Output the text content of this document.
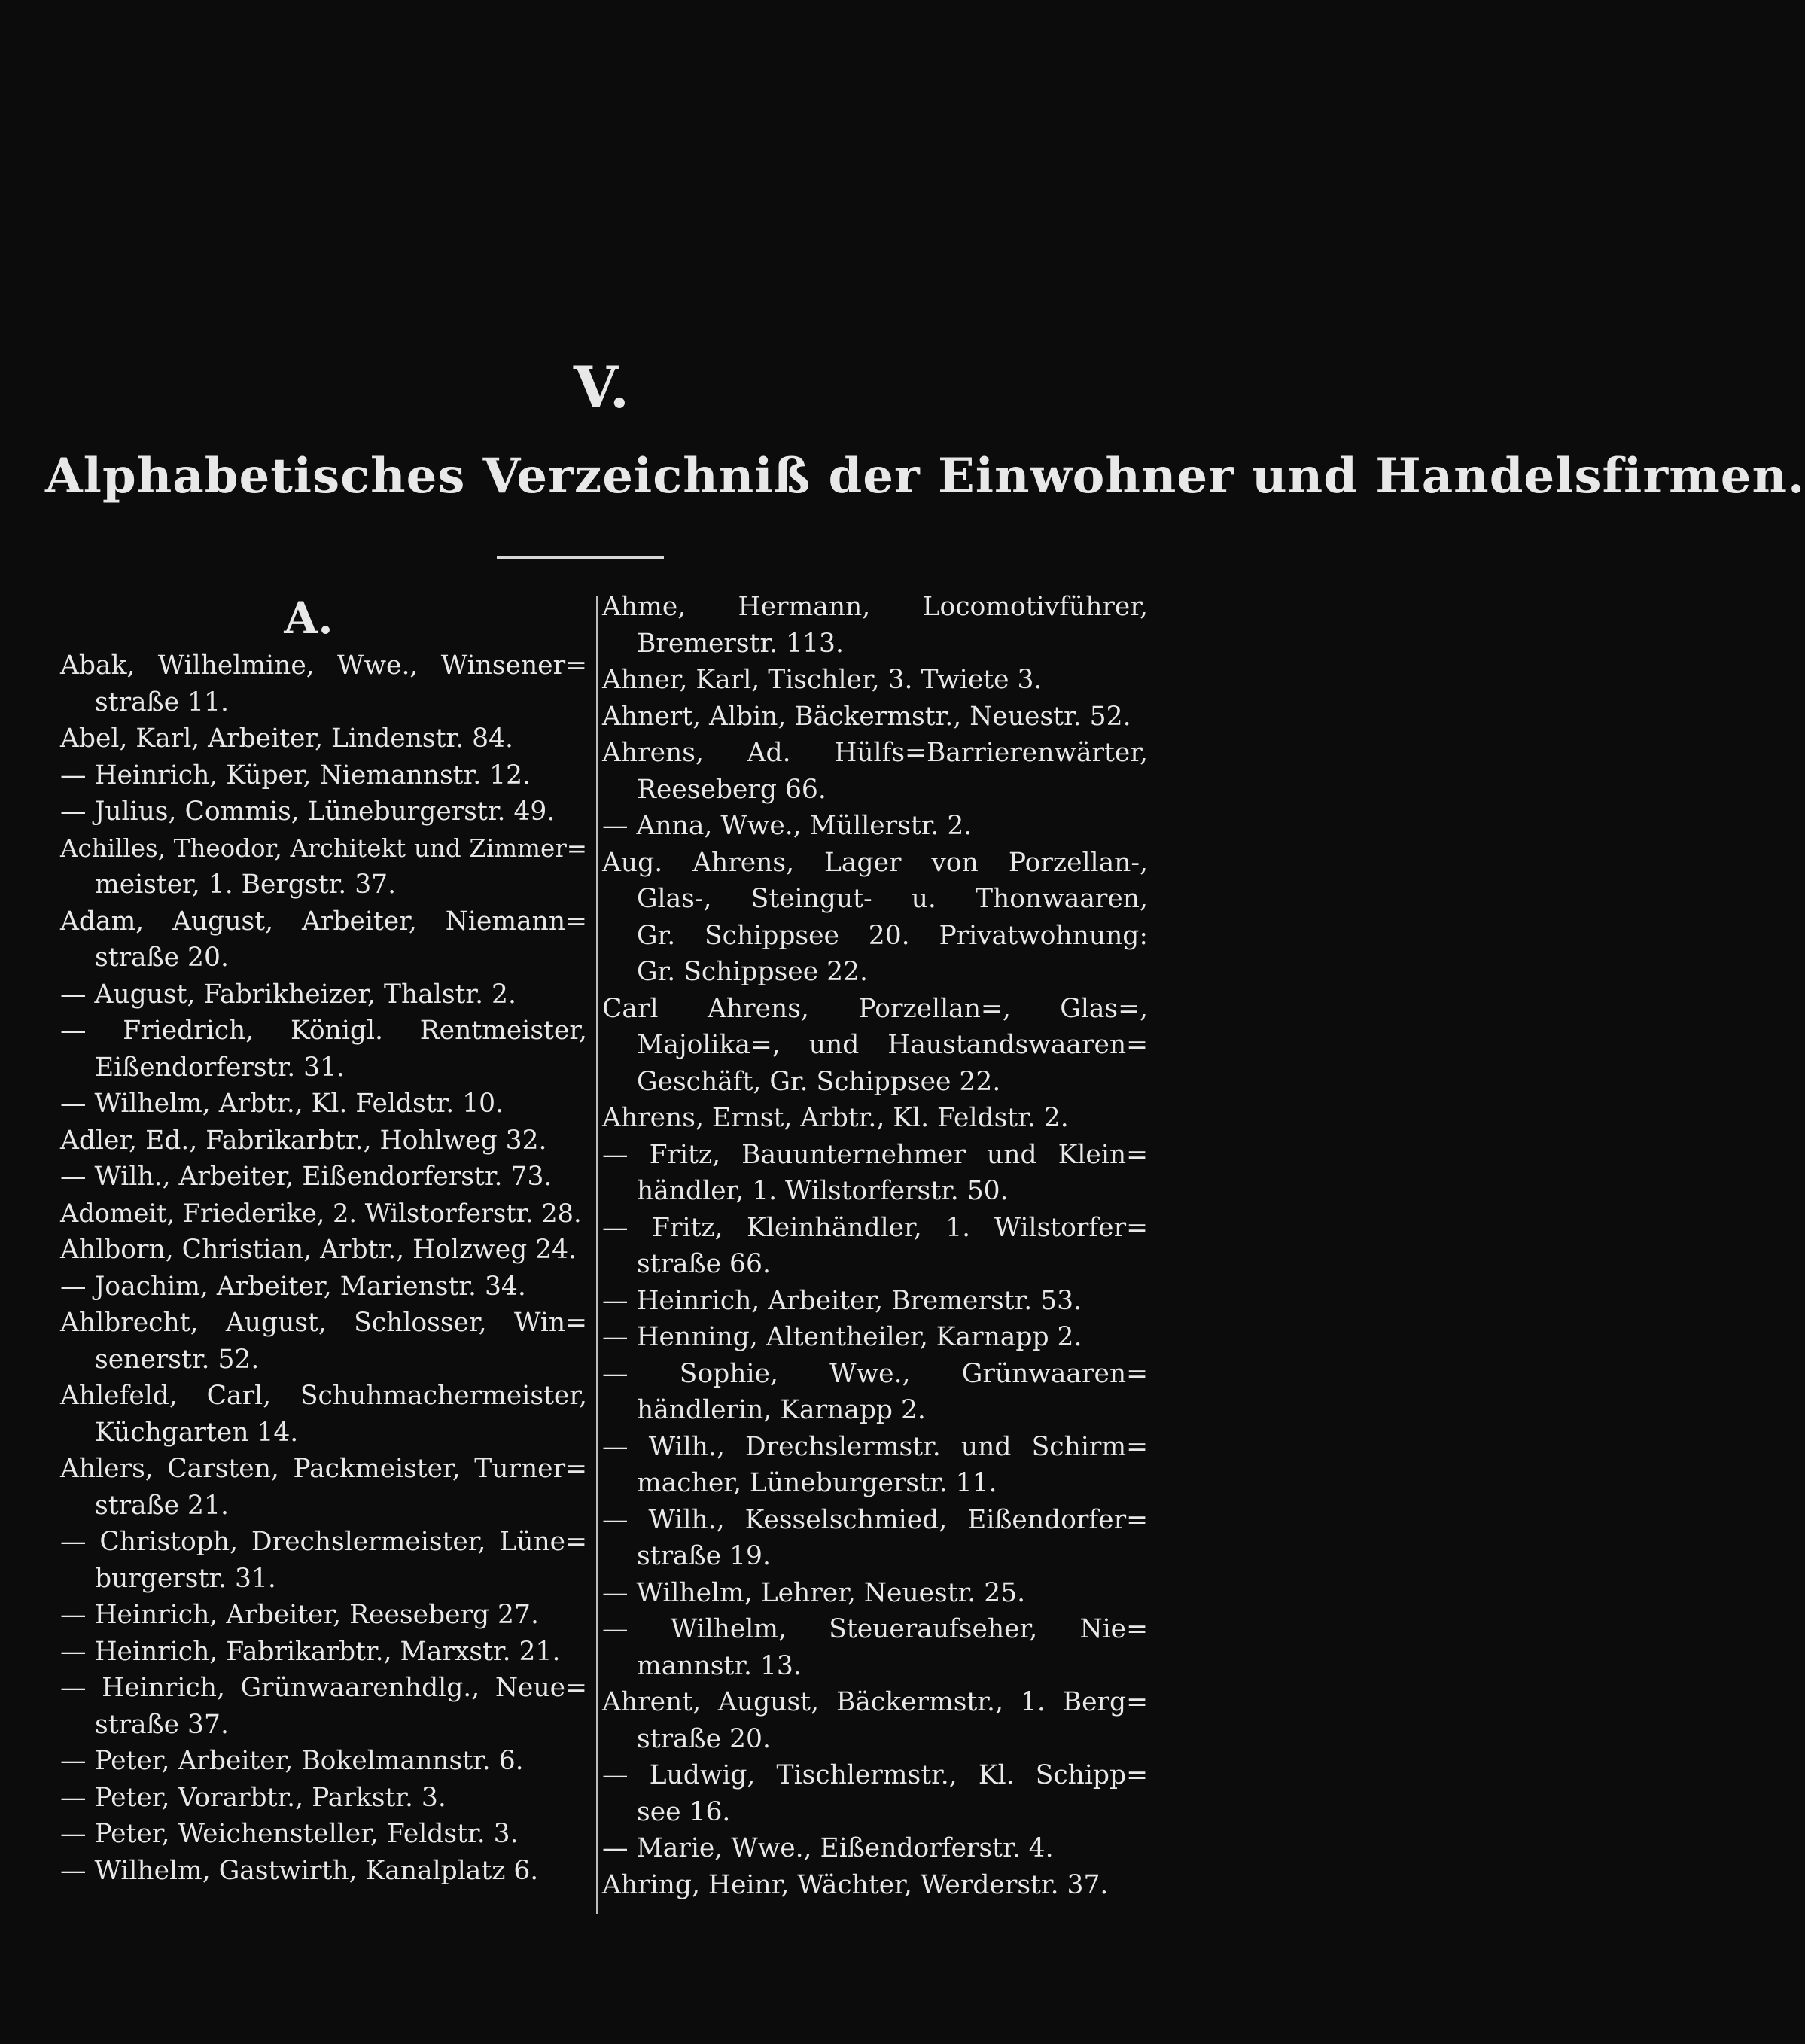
V.
Alphabetisches Verzeichniß der Einwohner und Handelsfirmen.
A.
Abak, Wilhelmine, Wwe., Winsener=
straße 11.
Abel, Karl, Arbeiter, Lindenstr. 84.
— Heinrich, Küper, Niemannstr. 12.
— Julius, Commis, Lüneburgerstr. 49.
Achilles, Theodor, Architekt und Zimmer=
meister, 1. Bergstr. 37.
Adam, August, Arbeiter, Niemann=
straße 20.
— August, Fabrikheizer, Thalstr. 2.
— Friedrich, Königl. Rentmeister,
Eißendorferstr. 31.
— Wilhelm, Arbtr., Kl. Feldstr. 10.
Adler, Ed., Fabrikarbtr., Hohlweg 32.
— Wilh., Arbeiter, Eißendorferstr. 73.
Adomeit, Friederike, 2. Wilstorferstr. 28.
Ahlborn, Christian, Arbtr., Holzweg 24.
— Joachim, Arbeiter, Marienstr. 34.
Ahlbrecht, August, Schlosser, Win=
senerstr. 52.
Ahlefeld, Carl, Schuhmachermeister,
Küchgarten 14.
Ahlers, Carsten, Packmeister, Turner=
straße 21.
— Christoph, Drechslermeister, Lüne=
burgerstr. 31.
— Heinrich, Arbeiter, Reeseberg 27.
— Heinrich, Fabrikarbtr., Marxstr. 21.
— Heinrich, Grünwaarenhdlg., Neue=
straße 37.
— Peter, Arbeiter, Bokelmannstr. 6.
— Peter, Vorarbtr., Parkstr. 3.
— Peter, Weichensteller, Feldstr. 3.
— Wilhelm, Gastwirth, Kanalplatz 6.
Ahme, Hermann, Locomotivführer,
Bremerstr. 113.
Ahner, Karl, Tischler, 3. Twiete 3.
Ahnert, Albin, Bäckermstr., Neuestr. 52.
Ahrens, Ad. Hülfs=Barrierenwärter,
Reeseberg 66.
— Anna, Wwe., Müllerstr. 2.
Aug. Ahrens, Lager von Porzellan-,
Glas-, Steingut- u. Thonwaaren,
Gr. Schippsee 20. Privatwohnung:
Gr. Schippsee 22.
Carl Ahrens, Porzellan=, Glas=,
Majolika=, und Haustandswaaren=
Geschäft, Gr. Schippsee 22.
Ahrens, Ernst, Arbtr., Kl. Feldstr. 2.
— Fritz, Bauunternehmer und Klein=
händler, 1. Wilstorferstr. 50.
— Fritz, Kleinhändler, 1. Wilstorfer=
straße 66.
— Heinrich, Arbeiter, Bremerstr. 53.
— Henning, Altentheiler, Karnapp 2.
— Sophie, Wwe., Grünwaaren=
händlerin, Karnapp 2.
— Wilh., Drechslermstr. und Schirm=
macher, Lüneburgerstr. 11.
— Wilh., Kesselschmied, Eißendorfer=
straße 19.
— Wilhelm, Lehrer, Neuestr. 25.
— Wilhelm, Steueraufseher, Nie=
mannstr. 13.
Ahrent, August, Bäckermstr., 1. Berg=
straße 20.
— Ludwig, Tischlermstr., Kl. Schipp=
see 16.
— Marie, Wwe., Eißendorferstr. 4.
Ahring, Heinr, Wächter, Werderstr. 37.
